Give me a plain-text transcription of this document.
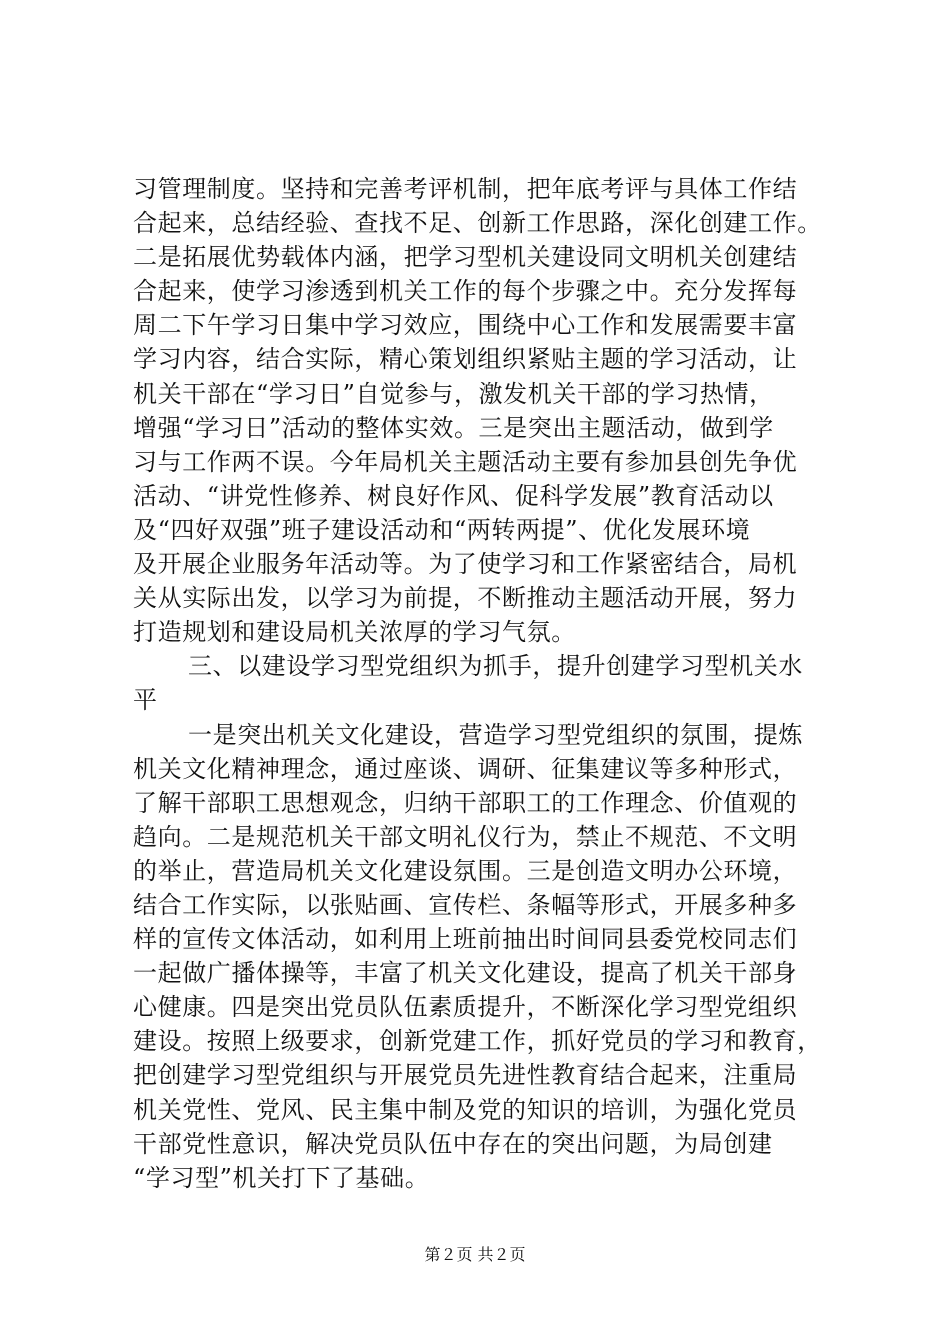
习管理制度。坚持和完善考评机制，把年底考评与具体工作结
合起来，总结经验、查找不足、创新工作思路，深化创建工作。
二是拓展优势载体内涵，把学习型机关建设同文明机关创建结
合起来，使学习渗透到机关工作的每个步骤之中。充分发挥每
周二下午学习日集中学习效应，围绕中心工作和发展需要丰富
学习内容，结合实际，精心策划组织紧贴主题的学习活动，让
机关干部在“学习日”自觉参与，激发机关干部的学习热情，
增强“学习日”活动的整体实效。三是突出主题活动，做到学
习与工作两不误。今年局机关主题活动主要有参加县创先争优
活动、“讲党性修养、树良好作风、促科学发展”教育活动以
及“四好双强”班子建设活动和“两转两提”、优化发展环境
及开展企业服务年活动等。为了使学习和工作紧密结合，局机
关从实际出发，以学习为前提，不断推动主题活动开展，努力
打造规划和建设局机关浓厚的学习气氛。
三、以建设学习型党组织为抓手，提升创建学习型机关水
平
一是突出机关文化建设，营造学习型党组织的氛围，提炼
机关文化精神理念，通过座谈、调研、征集建议等多种形式，
了解干部职工思想观念，归纳干部职工的工作理念、价值观的
趋向。二是规范机关干部文明礼仪行为，禁止不规范、不文明
的举止，营造局机关文化建设氛围。三是创造文明办公环境，
结合工作实际，以张贴画、宣传栏、条幅等形式，开展多种多
样的宣传文体活动，如利用上班前抽出时间同县委党校同志们
一起做广播体操等，丰富了机关文化建设，提高了机关干部身
心健康。四是突出党员队伍素质提升，不断深化学习型党组织
建设。按照上级要求，创新党建工作，抓好党员的学习和教育，
把创建学习型党组织与开展党员先进性教育结合起来，注重局
机关党性、党风、民主集中制及党的知识的培训，为强化党员
干部党性意识，解决党员队伍中存在的突出问题，为局创建
“学习型”机关打下了基础。
第２页 共２页
